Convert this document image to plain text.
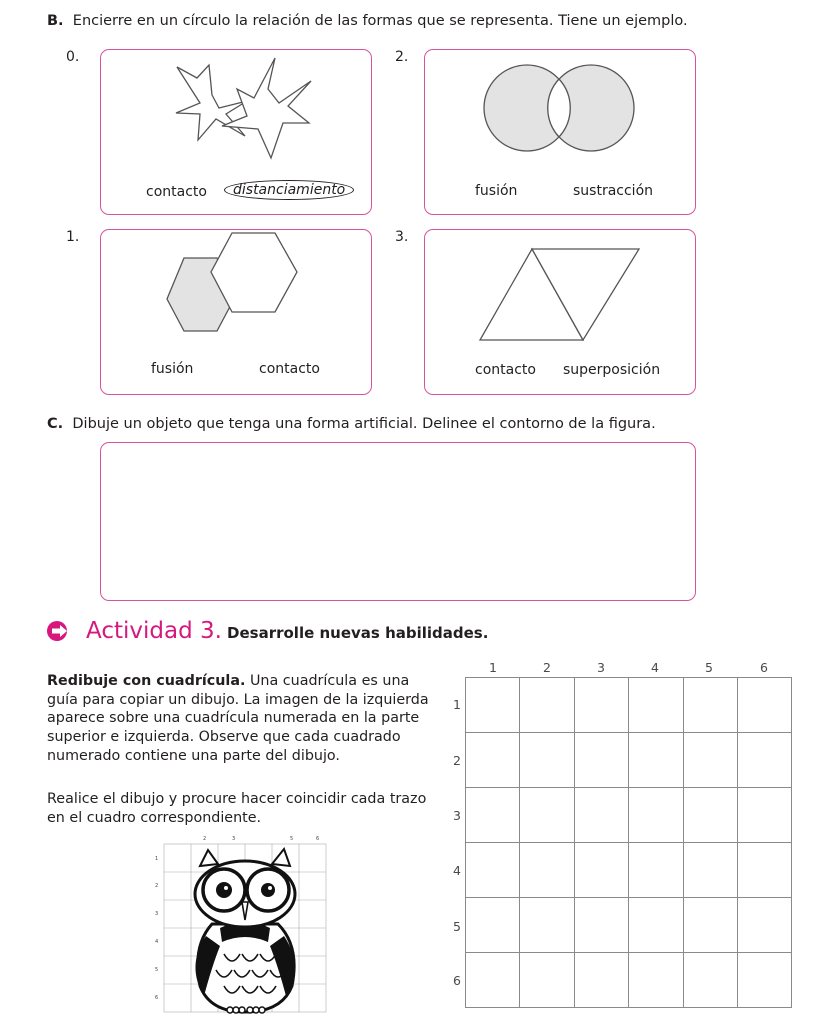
B. Encierre en un círculo la relación de las formas que se representa. Tiene un ejemplo.
0.
contacto	distanciamiento
2.
fusión	sustracción
1.
fusión	contacto
3.
contacto superposición
C. Dibuje un objeto que tenga una forma artificial. Delinee el contorno de la figura.
Actividad 3. Desarrolle nuevas habilidades.
Redibuje con cuadrícula. Una cuadrícula es una guía para copiar un dibujo. La imagen de la izquierda aparece sobre una cuadrícula numerada en la parte superior e izquierda. Observe que cada cuadrado numerado contiene una parte del dibujo.
Realice el dibujo y procure hacer coincidir cada trazo en el cuadro correspondiente.
2	3	5	6
1
2
3
4
5
6
1	2	3	4	5	6
1
2
3
4
5
6
